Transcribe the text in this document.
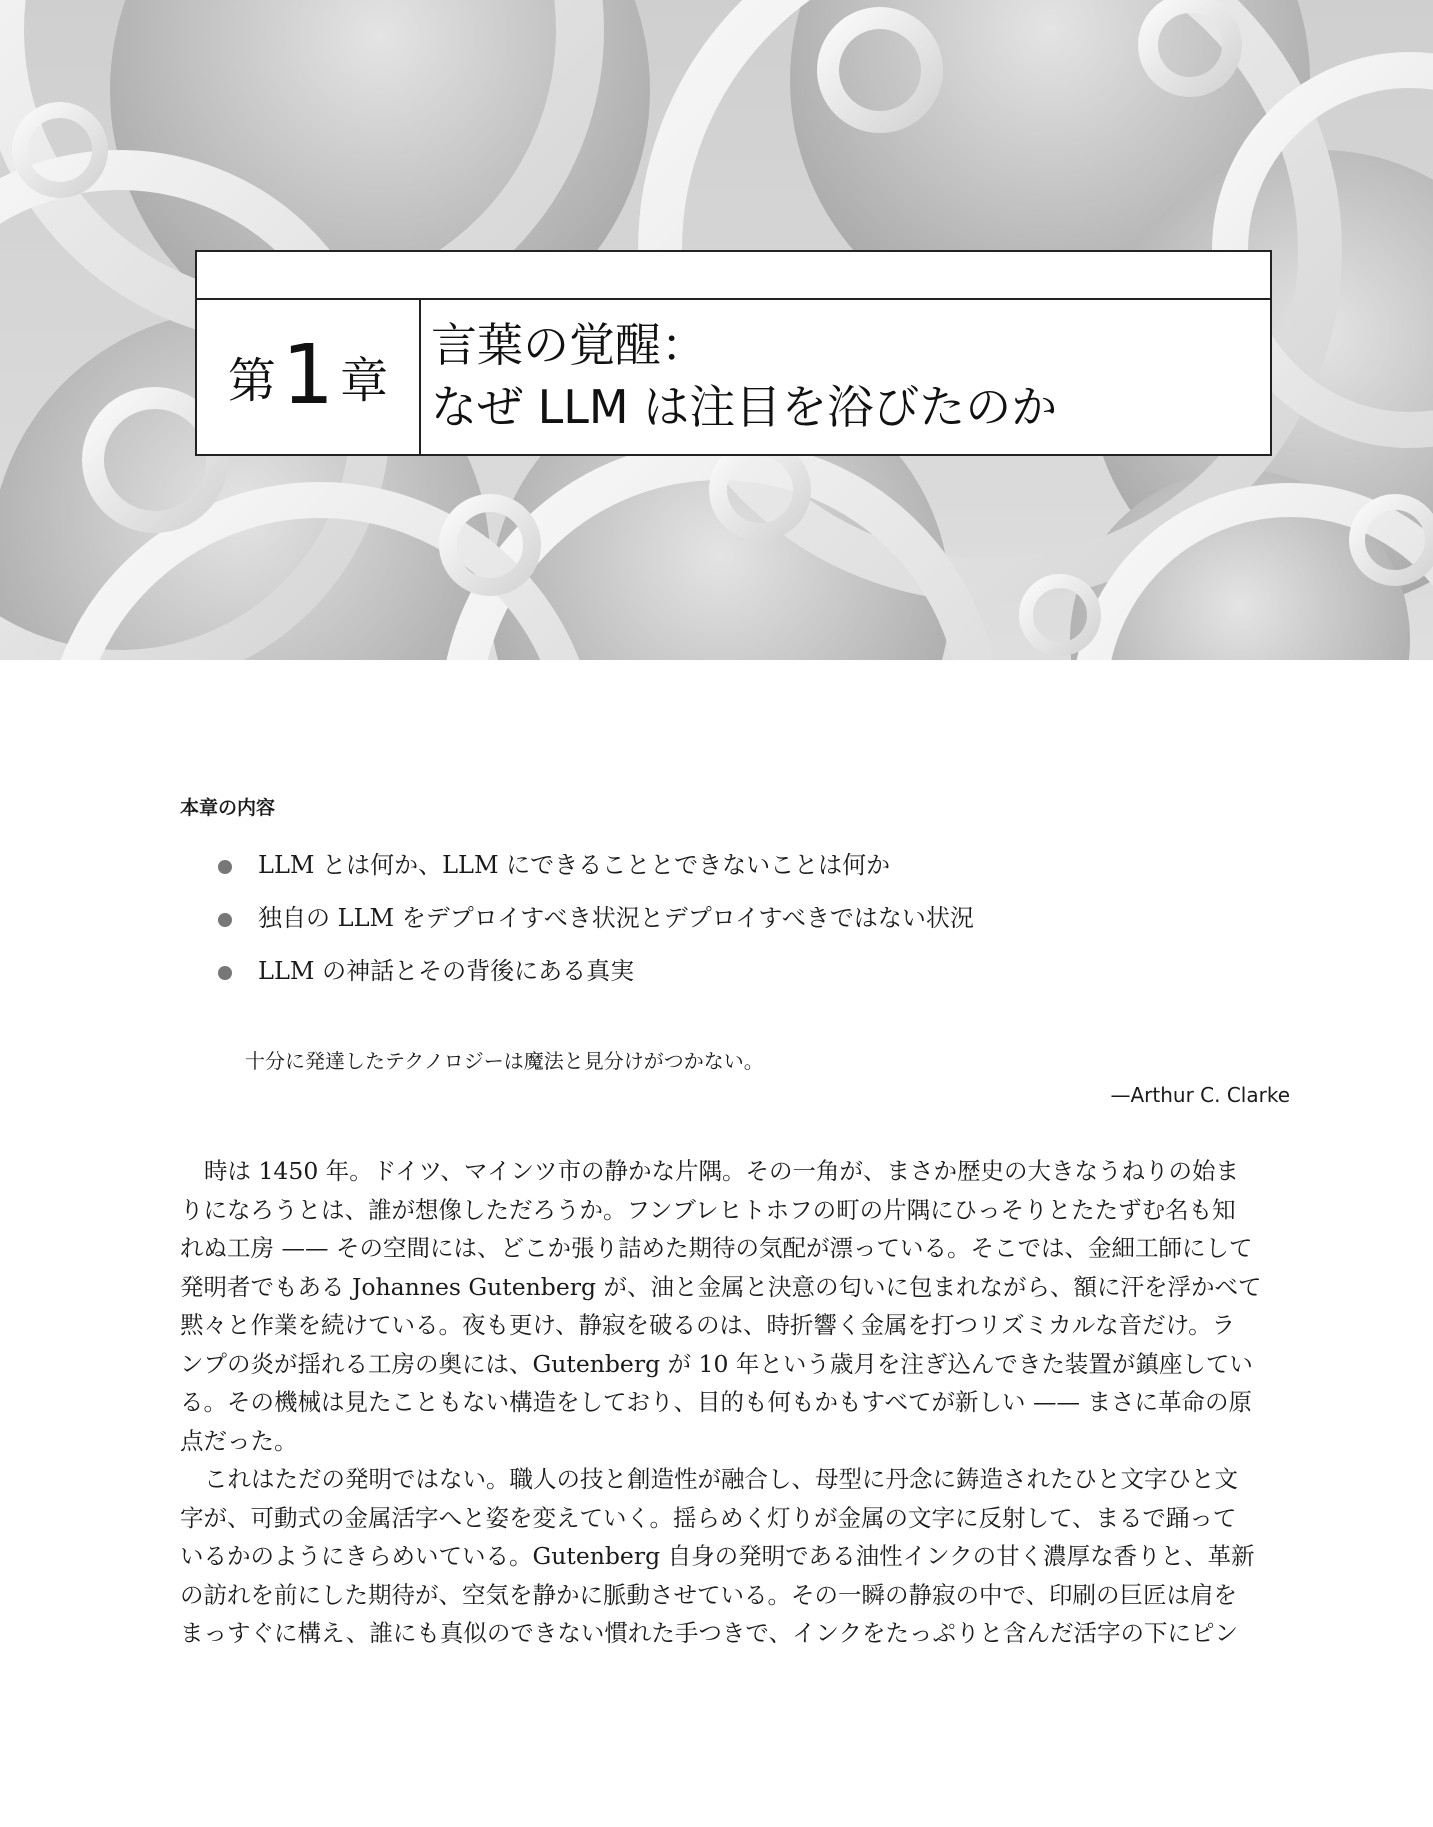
第 1 章
言葉の覚醒：
なぜ LLM は注目を浴びたのか
本章の内容
LLM とは何か、LLM にできることとできないことは何か
独自の LLM をデプロイすべき状況とデプロイすべきではない状況
LLM の神話とその背後にある真実
十分に発達したテクノロジーは魔法と見分けがつかない。
—Arthur C. Clarke

時は 1450 年。ドイツ、マインツ市の静かな片隅。その一角が、まさか歴史の大きなうねりの始ま
りになろうとは、誰が想像しただろうか。フンブレヒトホフの町の片隅にひっそりとたたずむ名も知
れぬ工房 —— その空間には、どこか張り詰めた期待の気配が漂っている。そこでは、金細工師にして
発明者でもある Johannes Gutenberg が、油と金属と決意の匂いに包まれながら、額に汗を浮かべて
黙々と作業を続けている。夜も更け、静寂を破るのは、時折響く金属を打つリズミカルな音だけ。ラ
ンプの炎が揺れる工房の奥には、Gutenberg が 10 年という歳月を注ぎ込んできた装置が鎮座してい
る。その機械は見たこともない構造をしており、目的も何もかもすべてが新しい —— まさに革命の原
点だった。

これはただの発明ではない。職人の技と創造性が融合し、母型に丹念に鋳造されたひと文字ひと文
字が、可動式の金属活字へと姿を変えていく。揺らめく灯りが金属の文字に反射して、まるで踊って
いるかのようにきらめいている。Gutenberg 自身の発明である油性インクの甘く濃厚な香りと、革新
の訪れを前にした期待が、空気を静かに脈動させている。その一瞬の静寂の中で、印刷の巨匠は肩を
まっすぐに構え、誰にも真似のできない慣れた手つきで、インクをたっぷりと含んだ活字の下にピン
